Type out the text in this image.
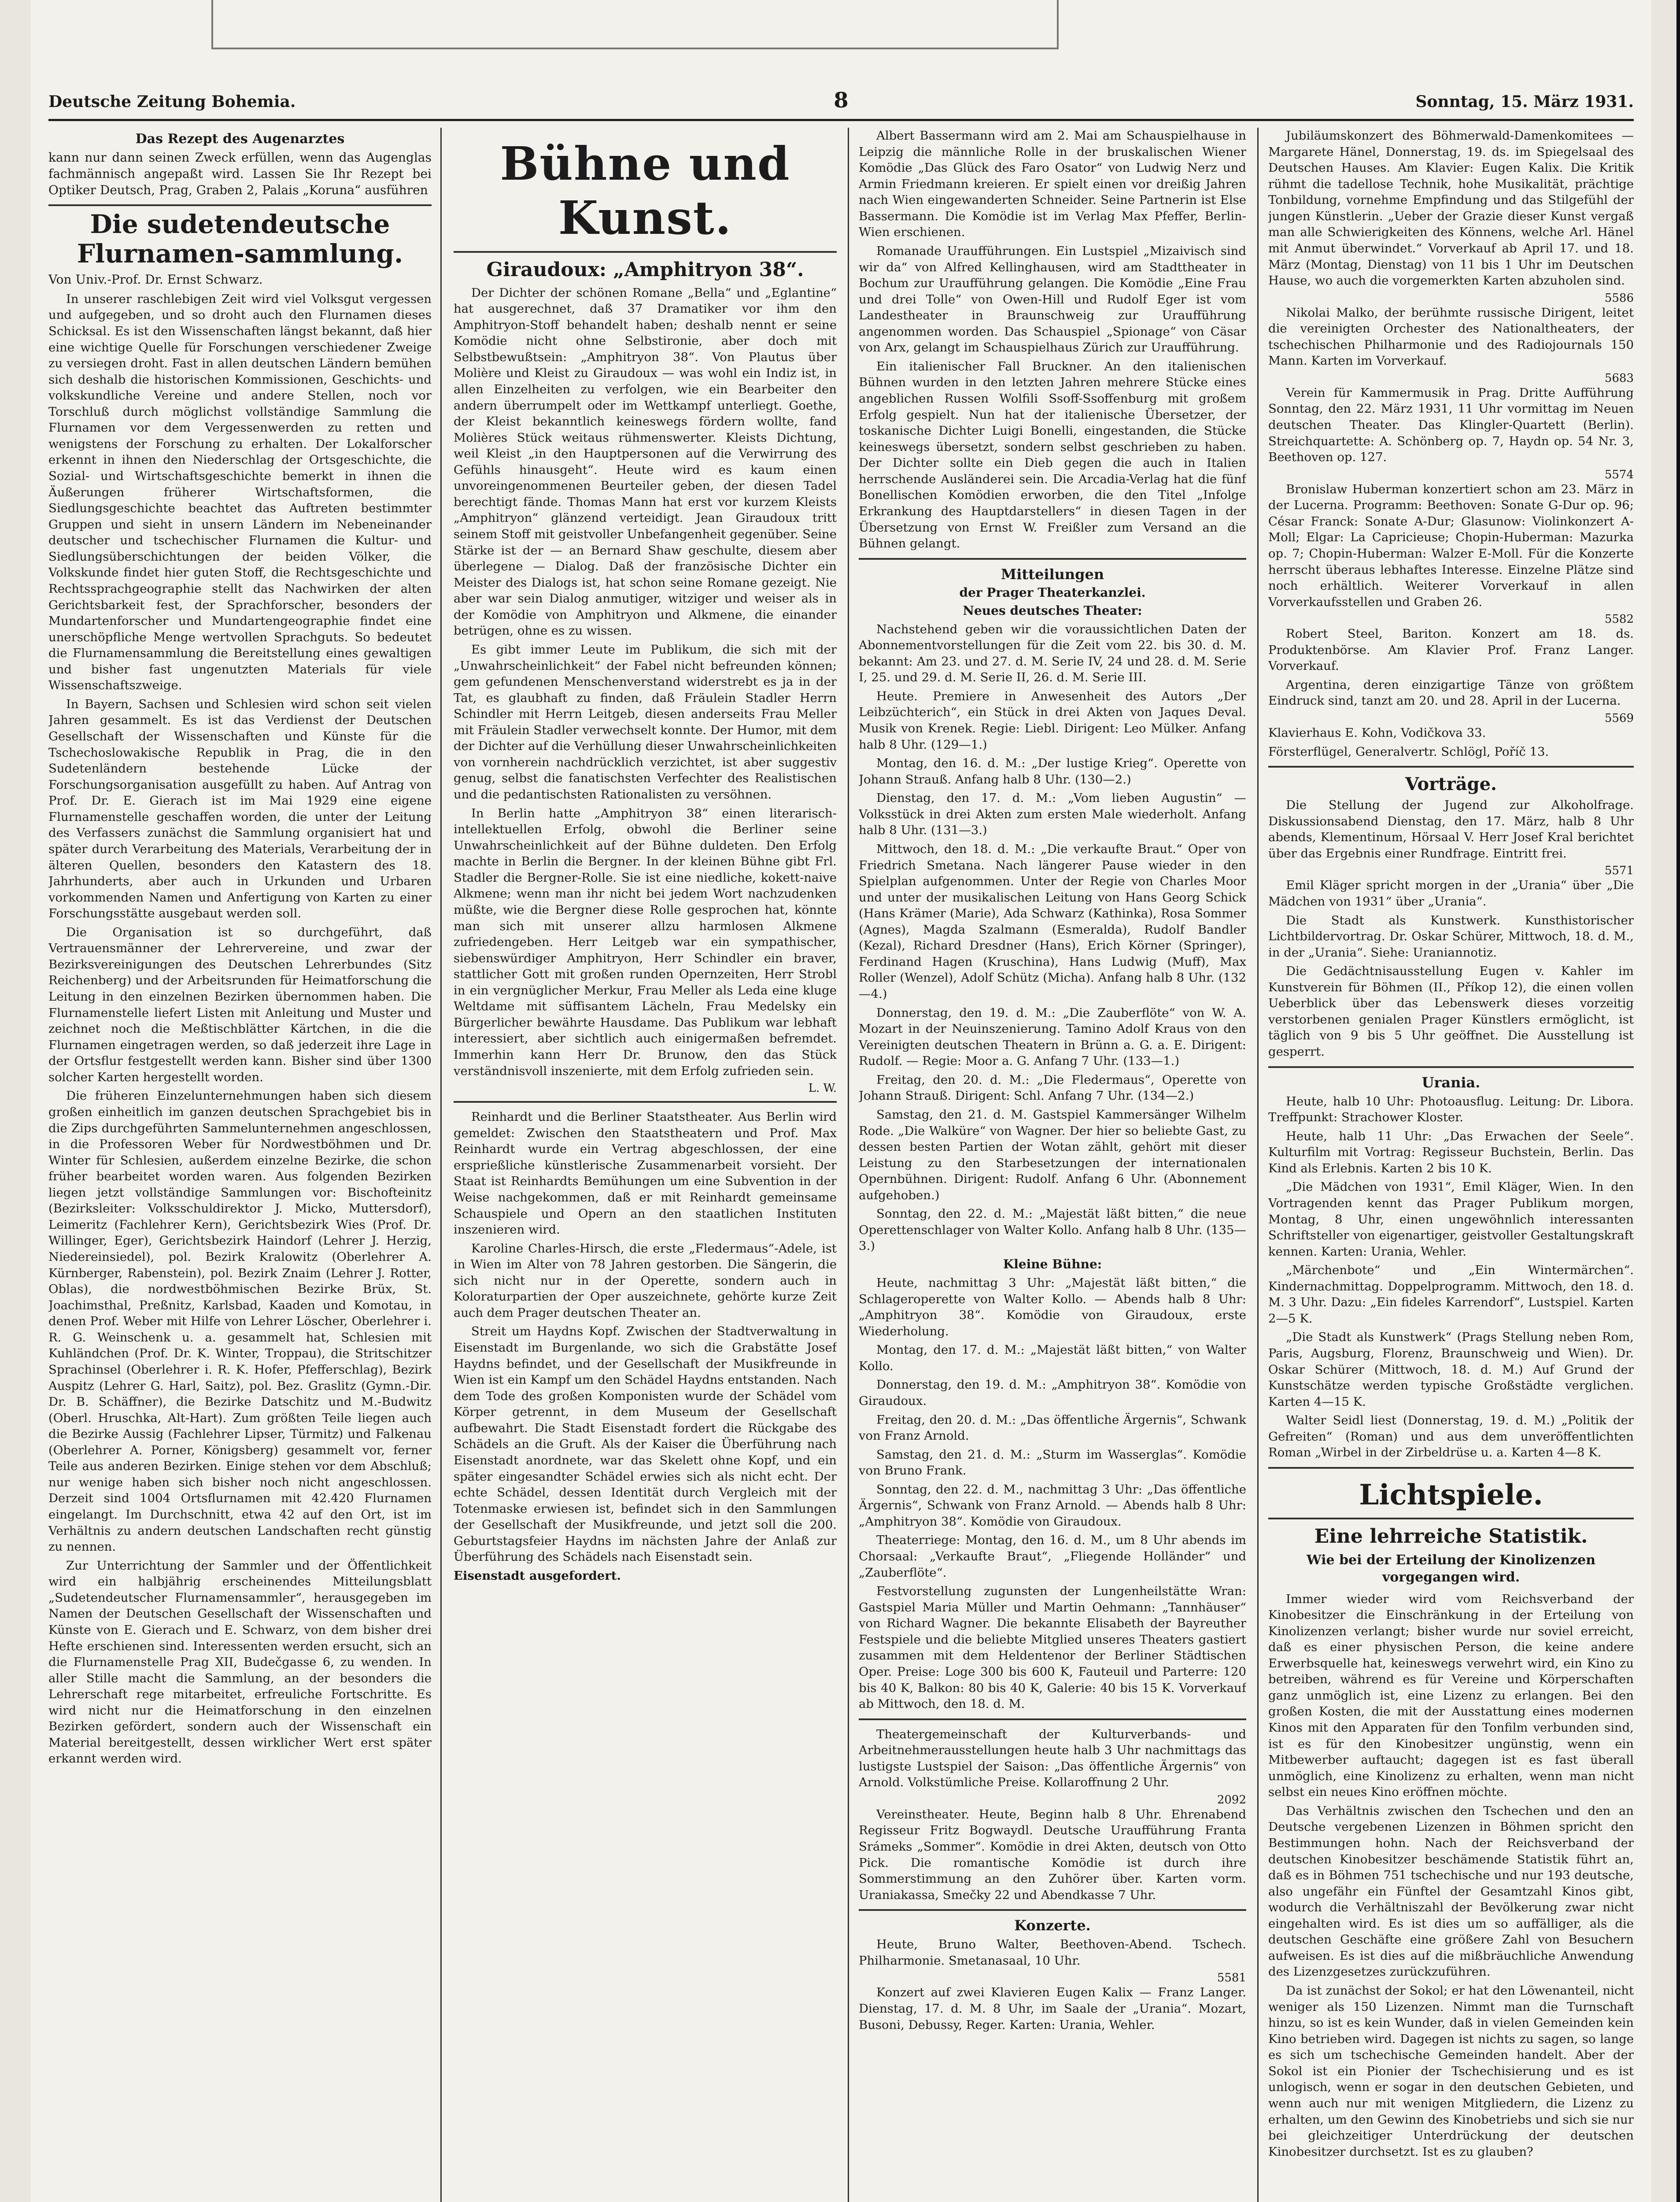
Deutsche Zeitung Bohemia.	8	Sonntag, 15. März 1931.
Das Rezept des Augenarztes
kann nur dann seinen Zweck erfüllen, wenn das Augenglas fachmännisch angepaßt wird. Lassen Sie Ihr Rezept bei Optiker Deutsch, Prag, Graben 2, Palais „Koruna“ ausführen
Die sudetendeutsche Flurnamen-sammlung.
Von Univ.-Prof. Dr. Ernst Schwarz.

In unserer raschlebigen Zeit wird viel Volksgut vergessen und aufgegeben, und so droht auch den Flurnamen dieses Schicksal. Es ist den Wissenschaften längst bekannt, daß hier eine wichtige Quelle für Forschungen verschiedener Zweige zu versiegen droht. Fast in allen deutschen Ländern bemühen sich deshalb die historischen Kommissionen, Geschichts- und volkskundliche Vereine und andere Stellen, noch vor Torschluß durch möglichst vollständige Sammlung die Flurnamen vor dem Vergessenwerden zu retten und wenigstens der Forschung zu erhalten. Der Lokalforscher erkennt in ihnen den Niederschlag der Ortsgeschichte, die Sozial- und Wirtschaftsgeschichte bemerkt in ihnen die Äußerungen früherer Wirtschaftsformen, die Siedlungsgeschichte beachtet das Auftreten bestimmter Gruppen und sieht in unsern Ländern im Nebeneinander deutscher und tschechischer Flurnamen die Kultur- und Siedlungsüberschichtungen der beiden Völker, die Volkskunde findet hier guten Stoff, die Rechtsgeschichte und Rechtssprachgeographie stellt das Nachwirken der alten Gerichtsbarkeit fest, der Sprachforscher, besonders der Mundartenforscher und Mundartengeographie findet eine unerschöpfliche Menge wertvollen Sprachguts. So bedeutet die Flurnamensammlung die Bereitstellung eines gewaltigen und bisher fast ungenutzten Materials für viele Wissenschaftszweige.

In Bayern, Sachsen und Schlesien wird schon seit vielen Jahren gesammelt. Es ist das Verdienst der Deutschen Gesellschaft der Wissenschaften und Künste für die Tschechoslowakische Republik in Prag, die in den Sudetenländern bestehende Lücke der Forschungsorganisation ausgefüllt zu haben. Auf Antrag von Prof. Dr. E. Gierach ist im Mai 1929 eine eigene Flurnamenstelle geschaffen worden, die unter der Leitung des Verfassers zunächst die Sammlung organisiert hat und später durch Verarbeitung des Materials, Verarbeitung der in älteren Quellen, besonders den Katastern des 18. Jahrhunderts, aber auch in Urkunden und Urbaren vorkommenden Namen und Anfertigung von Karten zu einer Forschungsstätte ausgebaut werden soll.

Die Organisation ist so durchgeführt, daß Vertrauensmänner der Lehrervereine, und zwar der Bezirksvereinigungen des Deutschen Lehrerbundes (Sitz Reichenberg) und der Arbeitsrunden für Heimatforschung die Leitung in den einzelnen Bezirken übernommen haben. Die Flurnamenstelle liefert Listen mit Anleitung und Muster und zeichnet noch die Meßtischblätter Kärtchen, in die die Flurnamen eingetragen werden, so daß jederzeit ihre Lage in der Ortsflur festgestellt werden kann. Bisher sind über 1300 solcher Karten hergestellt worden.

Die früheren Einzelunternehmungen haben sich diesem großen einheitlich im ganzen deutschen Sprachgebiet bis in die Zips durchgeführten Sammelunternehmen angeschlossen, in die Professoren Weber für Nordwestböhmen und Dr. Winter für Schlesien, außerdem einzelne Bezirke, die schon früher bearbeitet worden waren. Aus folgenden Bezirken liegen jetzt vollständige Sammlungen vor: Bischofteinitz (Bezirksleiter: Volksschuldirektor J. Micko, Muttersdorf), Leimeritz (Fachlehrer Kern), Gerichtsbezirk Wies (Prof. Dr. Willinger, Eger), Gerichtsbezirk Haindorf (Lehrer J. Herzig, Niedereinsiedel), pol. Bezirk Kralowitz (Oberlehrer A. Kürnberger, Rabenstein), pol. Bezirk Znaim (Lehrer J. Rotter, Oblas), die nordwestböhmischen Bezirke Brüx, St. Joachimsthal, Preßnitz, Karlsbad, Kaaden und Komotau, in denen Prof. Weber mit Hilfe von Lehrer Löscher, Oberlehrer i. R. G. Weinschenk u. a. gesammelt hat, Schlesien mit Kuhländchen (Prof. Dr. K. Winter, Troppau), die Stritschitzer Sprachinsel (Oberlehrer i. R. K. Hofer, Pfefferschlag), Bezirk Auspitz (Lehrer G. Harl, Saitz), pol. Bez. Graslitz (Gymn.-Dir. Dr. B. Schäffner), die Bezirke Datschitz und M.-Budwitz (Oberl. Hruschka, Alt-Hart). Zum größten Teile liegen auch die Bezirke Aussig (Fachlehrer Lipser, Türmitz) und Falkenau (Oberlehrer A. Porner, Königsberg) gesammelt vor, ferner Teile aus anderen Bezirken. Einige stehen vor dem Abschluß; nur wenige haben sich bisher noch nicht angeschlossen. Derzeit sind 1004 Ortsflurnamen mit 42.420 Flurnamen eingelangt. Im Durchschnitt, etwa 42 auf den Ort, ist im Verhältnis zu andern deutschen Landschaften recht günstig zu nennen.

Zur Unterrichtung der Sammler und der Öffentlichkeit wird ein halbjährig erscheinendes Mitteilungsblatt „Sudetendeutscher Flurnamensammler“, herausgegeben im Namen der Deutschen Gesellschaft der Wissenschaften und Künste von E. Gierach und E. Schwarz, von dem bisher drei Hefte erschienen sind. Interessenten werden ersucht, sich an die Flurnamenstelle Prag XII, Budečgasse 6, zu wenden. In aller Stille macht die Sammlung, an der besonders die Lehrerschaft rege mitarbeitet, erfreuliche Fortschritte. Es wird nicht nur die Heimatforschung in den einzelnen Bezirken gefördert, sondern auch der Wissenschaft ein Material bereitgestellt, dessen wirklicher Wert erst später erkannt werden wird.

Bühne und Kunst.
Giraudoux: „Amphitryon 38“.

Der Dichter der schönen Romane „Bella“ und „Eglantine“ hat ausgerechnet, daß 37 Dramatiker vor ihm den Amphitryon-Stoff behandelt haben; deshalb nennt er seine Komödie nicht ohne Selbstironie, aber doch mit Selbstbewußtsein: „Amphitryon 38“. Von Plautus über Molière und Kleist zu Giraudoux — was wohl ein Indiz ist, in allen Einzelheiten zu verfolgen, wie ein Bearbeiter den andern überrumpelt oder im Wettkampf unterliegt. Goethe, der Kleist bekanntlich keineswegs fördern wollte, fand Molières Stück weitaus rühmenswerter. Kleists Dichtung, weil Kleist „in den Hauptpersonen auf die Verwirrung des Gefühls hinausgeht“. Heute wird es kaum einen unvoreingenommenen Beurteiler geben, der diesen Tadel berechtigt fände. Thomas Mann hat erst vor kurzem Kleists „Amphitryon“ glänzend verteidigt. Jean Giraudoux tritt seinem Stoff mit geistvoller Unbefangenheit gegenüber. Seine Stärke ist der — an Bernard Shaw geschulte, diesem aber überlegene — Dialog. Daß der französische Dichter ein Meister des Dialogs ist, hat schon seine Romane gezeigt. Nie aber war sein Dialog anmutiger, witziger und weiser als in der Komödie von Amphitryon und Alkmene, die einander betrügen, ohne es zu wissen.

Es gibt immer Leute im Publikum, die sich mit der „Unwahrscheinlichkeit“ der Fabel nicht befreunden können; gem gefundenen Menschenverstand widerstrebt es ja in der Tat, es glaubhaft zu finden, daß Fräulein Stadler Herrn Schindler mit Herrn Leitgeb, diesen anderseits Frau Meller mit Fräulein Stadler verwechselt konnte. Der Humor, mit dem der Dichter auf die Verhüllung dieser Unwahrscheinlichkeiten von vornherein nachdrücklich verzichtet, ist aber suggestiv genug, selbst die fanatischsten Verfechter des Realistischen und die pedantischsten Rationalisten zu versöhnen.

In Berlin hatte „Amphitryon 38“ einen literarisch-intellektuellen Erfolg, obwohl die Berliner seine Unwahrscheinlichkeit auf der Bühne duldeten. Den Erfolg machte in Berlin die Bergner. In der kleinen Bühne gibt Frl. Stadler die Bergner-Rolle. Sie ist eine niedliche, kokett-naive Alkmene; wenn man ihr nicht bei jedem Wort nachzudenken müßte, wie die Bergner diese Rolle gesprochen hat, könnte man sich mit unserer allzu harmlosen Alkmene zufriedengeben. Herr Leitgeb war ein sympathischer, siebenswürdiger Amphitryon, Herr Schindler ein braver, stattlicher Gott mit großen runden Opernzeiten, Herr Strobl in ein vergnüglicher Merkur, Frau Meller als Leda eine kluge Weltdame mit süffisantem Lächeln, Frau Medelsky ein Bürgerlicher bewährte Hausdame. Das Publikum war lebhaft interessiert, aber sichtlich auch einigermaßen befremdet. Immerhin kann Herr Dr. Brunow, den das Stück verständnisvoll inszenierte, mit dem Erfolg zufrieden sein.

L. W.

Reinhardt und die Berliner Staatstheater. Aus Berlin wird gemeldet: Zwischen den Staatstheatern und Prof. Max Reinhardt wurde ein Vertrag abgeschlossen, der eine ersprießliche künstlerische Zusammenarbeit vorsieht. Der Staat ist Reinhardts Bemühungen um eine Subvention in der Weise nachgekommen, daß er mit Reinhardt gemeinsame Schauspiele und Opern an den staatlichen Instituten inszenieren wird.

Karoline Charles-Hirsch, die erste „Fledermaus“-Adele, ist in Wien im Alter von 78 Jahren gestorben. Die Sängerin, die sich nicht nur in der Operette, sondern auch in Koloraturpartien der Oper auszeichnete, gehörte kurze Zeit auch dem Prager deutschen Theater an.

Streit um Haydns Kopf. Zwischen der Stadtverwaltung in Eisenstadt im Burgenlande, wo sich die Grabstätte Josef Haydns befindet, und der Gesellschaft der Musikfreunde in Wien ist ein Kampf um den Schädel Haydns entstanden. Nach dem Tode des großen Komponisten wurde der Schädel vom Körper getrennt, in dem Museum der Gesellschaft aufbewahrt. Die Stadt Eisenstadt fordert die Rückgabe des Schädels an die Gruft. Als der Kaiser die Überführung nach Eisenstadt anordnete, war das Skelett ohne Kopf, und ein später eingesandter Schädel erwies sich als nicht echt. Der echte Schädel, dessen Identität durch Vergleich mit der Totenmaske erwiesen ist, befindet sich in den Sammlungen der Gesellschaft der Musikfreunde, und jetzt soll die 200. Geburtstagsfeier Haydns im nächsten Jahre der Anlaß zur Überführung des Schädels nach Eisenstadt sein.

Eisenstadt ausgefordert.

Albert Bassermann wird am 2. Mai am Schauspielhause in Leipzig die männliche Rolle in der bruskalischen Wiener Komödie „Das Glück des Faro Osator“ von Ludwig Nerz und Armin Friedmann kreieren. Er spielt einen vor dreißig Jahren nach Wien eingewanderten Schneider. Seine Partnerin ist Else Bassermann. Die Komödie ist im Verlag Max Pfeffer, Berlin-Wien erschienen.

Romanade Uraufführungen. Ein Lustspiel „Mizaivisch sind wir da“ von Alfred Kellinghausen, wird am Stadttheater in Bochum zur Uraufführung gelangen. Die Komödie „Eine Frau und drei Tolle“ von Owen-Hill und Rudolf Eger ist vom Landestheater in Braunschweig zur Uraufführung angenommen worden. Das Schauspiel „Spionage“ von Cäsar von Arx, gelangt im Schauspielhaus Zürich zur Uraufführung.

Ein italienischer Fall Bruckner. An den italienischen Bühnen wurden in den letzten Jahren mehrere Stücke eines angeblichen Russen Wolfili Ssoff-Ssoffenburg mit großem Erfolg gespielt. Nun hat der italienische Übersetzer, der toskanische Dichter Luigi Bonelli, eingestanden, die Stücke keineswegs übersetzt, sondern selbst geschrieben zu haben. Der Dichter sollte ein Dieb gegen die auch in Italien herrschende Ausländerei sein. Die Arcadia-Verlag hat die fünf Bonellischen Komödien erworben, die den Titel „Infolge Erkrankung des Hauptdarstellers“ in diesen Tagen in der Übersetzung von Ernst W. Freißler zum Versand an die Bühnen gelangt.

Mitteilungen
der Prager Theaterkanzlei.
Neues deutsches Theater:

Nachstehend geben wir die voraussichtlichen Daten der Abonnementvorstellungen für die Zeit vom 22. bis 30. d. M. bekannt: Am 23. und 27. d. M. Serie IV, 24 und 28. d. M. Serie I, 25. und 29. d. M. Serie II, 26. d. M. Serie III.

Heute. Premiere in Anwesenheit des Autors „Der Leibzüchterich“, ein Stück in drei Akten von Jaques Deval. Musik von Krenek. Regie: Liebl. Dirigent: Leo Mülker. Anfang halb 8 Uhr. (129—1.)

Montag, den 16. d. M.: „Der lustige Krieg“. Operette von Johann Strauß. Anfang halb 8 Uhr. (130—2.)

Dienstag, den 17. d. M.: „Vom lieben Augustin“ — Volksstück in drei Akten zum ersten Male wiederholt. Anfang halb 8 Uhr. (131—3.)

Mittwoch, den 18. d. M.: „Die verkaufte Braut.“ Oper von Friedrich Smetana. Nach längerer Pause wieder in den Spielplan aufgenommen. Unter der Regie von Charles Moor und unter der musikalischen Leitung von Hans Georg Schick (Hans Krämer (Marie), Ada Schwarz (Kathinka), Rosa Sommer (Agnes), Magda Szalmann (Esmeralda), Rudolf Bandler (Kezal), Richard Dresdner (Hans), Erich Körner (Springer), Ferdinand Hagen (Kruschina), Hans Ludwig (Muff), Max Roller (Wenzel), Adolf Schütz (Micha). Anfang halb 8 Uhr. (132—4.)

Donnerstag, den 19. d. M.: „Die Zauberflöte“ von W. A. Mozart in der Neuinszenierung. Tamino Adolf Kraus von den Vereinigten deutschen Theatern in Brünn a. G. a. E. Dirigent: Rudolf. — Regie: Moor a. G. Anfang 7 Uhr. (133—1.)

Freitag, den 20. d. M.: „Die Fledermaus“, Operette von Johann Strauß. Dirigent: Schl. Anfang 7 Uhr. (134—2.)

Samstag, den 21. d. M. Gastspiel Kammersänger Wilhelm Rode. „Die Walküre“ von Wagner. Der hier so beliebte Gast, zu dessen besten Partien der Wotan zählt, gehört mit dieser Leistung zu den Starbesetzungen der internationalen Opernbühnen. Dirigent: Rudolf. Anfang 6 Uhr. (Abonnement aufgehoben.)

Sonntag, den 22. d. M.: „Majestät läßt bitten,“ die neue Operettenschlager von Walter Kollo. Anfang halb 8 Uhr. (135—3.)

Kleine Bühne:

Heute, nachmittag 3 Uhr: „Majestät läßt bitten,“ die Schlageroperette von Walter Kollo. — Abends halb 8 Uhr: „Amphitryon 38“. Komödie von Giraudoux, erste Wiederholung.

Montag, den 17. d. M.: „Majestät läßt bitten,“ von Walter Kollo.

Donnerstag, den 19. d. M.: „Amphitryon 38“. Komödie von Giraudoux.

Freitag, den 20. d. M.: „Das öffentliche Ärgernis“, Schwank von Franz Arnold.

Samstag, den 21. d. M.: „Sturm im Wasserglas“. Komödie von Bruno Frank.

Sonntag, den 22. d. M., nachmittag 3 Uhr: „Das öffentliche Ärgernis“, Schwank von Franz Arnold. — Abends halb 8 Uhr: „Amphitryon 38“. Komödie von Giraudoux.

Theaterriege: Montag, den 16. d. M., um 8 Uhr abends im Chorsaal: „Verkaufte Braut“, „Fliegende Holländer“ und „Zauberflöte“.

Festvorstellung zugunsten der Lungenheilstätte Wran: Gastspiel Maria Müller und Martin Oehmann: „Tannhäuser“ von Richard Wagner. Die bekannte Elisabeth der Bayreuther Festspiele und die beliebte Mitglied unseres Theaters gastiert zusammen mit dem Heldentenor der Berliner Städtischen Oper. Preise: Loge 300 bis 600 K, Fauteuil und Parterre: 120 bis 40 K, Balkon: 80 bis 40 K, Galerie: 40 bis 15 K. Vorverkauf ab Mittwoch, den 18. d. M.

Theatergemeinschaft der Kulturverbands- und Arbeitnehmerausstellungen heute halb 3 Uhr nachmittags das lustigste Lustspiel der Saison: „Das öffentliche Ärgernis“ von Arnold. Volkstümliche Preise. Kollaroffnung 2 Uhr.

2092

Vereinstheater. Heute, Beginn halb 8 Uhr. Ehrenabend Regisseur Fritz Bogwaydl. Deutsche Uraufführung Franta Srámeks „Sommer“. Komödie in drei Akten, deutsch von Otto Pick. Die romantische Komödie ist durch ihre Sommerstimmung an den Zuhörer über. Karten vorm. Uraniakassa, Smečky 22 und Abendkasse 7 Uhr.

Konzerte.

Heute, Bruno Walter, Beethoven-Abend. Tschech. Philharmonie. Smetanasaal, 10 Uhr.

5581

Konzert auf zwei Klavieren Eugen Kalix — Franz Langer. Dienstag, 17. d. M. 8 Uhr, im Saale der „Urania“. Mozart, Busoni, Debussy, Reger. Karten: Urania, Wehler.

Jubiläumskonzert des Böhmerwald-Damenkomitees — Margarete Hänel, Donnerstag, 19. ds. im Spiegelsaal des Deutschen Hauses. Am Klavier: Eugen Kalix. Die Kritik rühmt die tadellose Technik, hohe Musikalität, prächtige Tonbildung, vornehme Empfindung und das Stilgefühl der jungen Künstlerin. „Ueber der Grazie dieser Kunst vergaß man alle Schwierigkeiten des Könnens, welche Arl. Hänel mit Anmut überwindet.“ Vorverkauf ab April 17. und 18. März (Montag, Dienstag) von 11 bis 1 Uhr im Deutschen Hause, wo auch die vorgemerkten Karten abzuholen sind.

5586

Nikolai Malko, der berühmte russische Dirigent, leitet die vereinigten Orchester des Nationaltheaters, der tschechischen Philharmonie und des Radiojournals 150 Mann. Karten im Vorverkauf.

5683

Verein für Kammermusik in Prag. Dritte Aufführung Sonntag, den 22. März 1931, 11 Uhr vormittag im Neuen deutschen Theater. Das Klingler-Quartett (Berlin). Streichquartette: A. Schönberg op. 7, Haydn op. 54 Nr. 3, Beethoven op. 127.

5574

Bronislaw Huberman konzertiert schon am 23. März in der Lucerna. Programm: Beethoven: Sonate G-Dur op. 96; César Franck: Sonate A-Dur; Glasunow: Violinkonzert A-Moll; Elgar: La Capricieuse; Chopin-Huberman: Mazurka op. 7; Chopin-Huberman: Walzer E-Moll. Für die Konzerte herrscht überaus lebhaftes Interesse. Einzelne Plätze sind noch erhältlich. Weiterer Vorverkauf in allen Vorverkaufsstellen und Graben 26.

5582

Robert Steel, Bariton. Konzert am 18. ds. Produktenbörse. Am Klavier Prof. Franz Langer. Vorverkauf.

Argentina, deren einzigartige Tänze von größtem Eindruck sind, tanzt am 20. und 28. April in der Lucerna.

5569

Klavierhaus E. Kohn, Vodičkova 33.

Försterflügel, Generalvertr. Schlögl, Poříč 13.

Vorträge.

Die Stellung der Jugend zur Alkoholfrage. Diskussionsabend Dienstag, den 17. März, halb 8 Uhr abends, Klementinum, Hörsaal V. Herr Josef Kral berichtet über das Ergebnis einer Rundfrage. Eintritt frei.

5571

Emil Kläger spricht morgen in der „Urania“ über „Die Mädchen von 1931“ über „Urania“.

Die Stadt als Kunstwerk. Kunsthistorischer Lichtbildervortrag. Dr. Oskar Schürer, Mittwoch, 18. d. M., in der „Urania“. Siehe: Uraniannotiz.

Die Gedächtnisausstellung Eugen v. Kahler im Kunstverein für Böhmen (II., Příkop 12), die einen vollen Ueberblick über das Lebenswerk dieses vorzeitig verstorbenen genialen Prager Künstlers ermöglicht, ist täglich von 9 bis 5 Uhr geöffnet. Die Ausstellung ist gesperrt.

Urania.

Heute, halb 10 Uhr: Photoausflug. Leitung: Dr. Libora. Treffpunkt: Strachower Kloster.

Heute, halb 11 Uhr: „Das Erwachen der Seele“. Kulturfilm mit Vortrag: Regisseur Buchstein, Berlin. Das Kind als Erlebnis. Karten 2 bis 10 K.

„Die Mädchen von 1931“, Emil Kläger, Wien. In den Vortragenden kennt das Prager Publikum morgen, Montag, 8 Uhr, einen ungewöhnlich interessanten Schriftsteller von eigenartiger, geistvoller Gestaltungskraft kennen. Karten: Urania, Wehler.

„Märchenbote“ und „Ein Wintermärchen“. Kindernachmittag. Doppelprogramm. Mittwoch, den 18. d. M. 3 Uhr. Dazu: „Ein fideles Karrendorf“, Lustspiel. Karten 2—5 K.

„Die Stadt als Kunstwerk“ (Prags Stellung neben Rom, Paris, Augsburg, Florenz, Braunschweig und Wien). Dr. Oskar Schürer (Mittwoch, 18. d. M.) Auf Grund der Kunstschätze werden typische Großstädte verglichen. Karten 4—15 K.

Walter Seidl liest (Donnerstag, 19. d. M.) „Politik der Gefreiten“ (Roman) und aus dem unveröffentlichten Roman „Wirbel in der Zirbeldrüse u. a. Karten 4—8 K.

Lichtspiele.
Eine lehrreiche Statistik.
Wie bei der Erteilung der Kinolizenzen vorgegangen wird.

Immer wieder wird vom Reichsverband der Kinobesitzer die Einschränkung in der Erteilung von Kinolizenzen verlangt; bisher wurde nur soviel erreicht, daß es einer physischen Person, die keine andere Erwerbsquelle hat, keineswegs verwehrt wird, ein Kino zu betreiben, während es für Vereine und Körperschaften ganz unmöglich ist, eine Lizenz zu erlangen. Bei den großen Kosten, die mit der Ausstattung eines modernen Kinos mit den Apparaten für den Tonfilm verbunden sind, ist es für den Kinobesitzer ungünstig, wenn ein Mitbewerber auftaucht; dagegen ist es fast überall unmöglich, eine Kinolizenz zu erhalten, wenn man nicht selbst ein neues Kino eröffnen möchte.

Das Verhältnis zwischen den Tschechen und den an Deutsche vergebenen Lizenzen in Böhmen spricht den Bestimmungen hohn. Nach der Reichsverband der deutschen Kinobesitzer beschämende Statistik führt an, daß es in Böhmen 751 tschechische und nur 193 deutsche, also ungefähr ein Fünftel der Gesamtzahl Kinos gibt, wodurch die Verhältniszahl der Bevölkerung zwar nicht eingehalten wird. Es ist dies um so auffälliger, als die deutschen Geschäfte eine größere Zahl von Besuchern aufweisen. Es ist dies auf die mißbräuchliche Anwendung des Lizenzgesetzes zurückzuführen.

Da ist zunächst der Sokol; er hat den Löwenanteil, nicht weniger als 150 Lizenzen. Nimmt man die Turnschaft hinzu, so ist es kein Wunder, daß in vielen Gemeinden kein Kino betrieben wird. Dagegen ist nichts zu sagen, so lange es sich um tschechische Gemeinden handelt. Aber der Sokol ist ein Pionier der Tschechisierung und es ist unlogisch, wenn er sogar in den deutschen Gebieten, und wenn auch nur mit wenigen Mitgliedern, die Lizenz zu erhalten, um den Gewinn des Kinobetriebs und sich sie nur bei gleichzeitiger Unterdrückung der deutschen Kinobesitzer durchsetzt. Ist es zu glauben?
